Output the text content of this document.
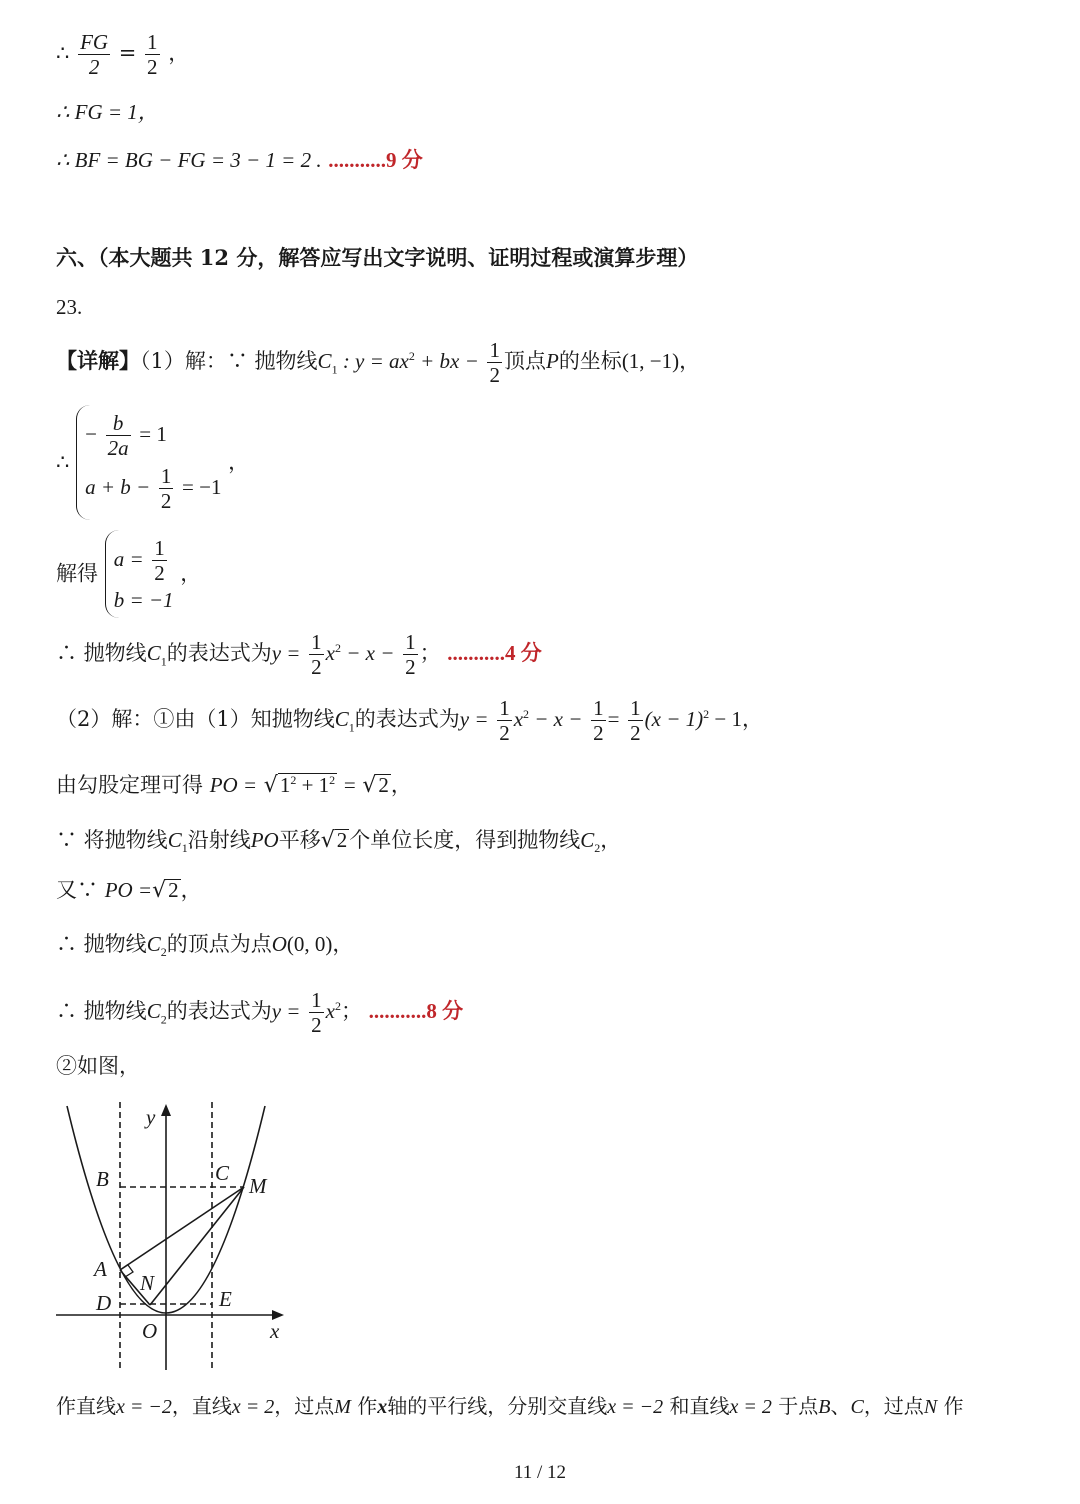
∴ $\frac{FG}{2} = \frac{1}{2}$ ，
∴ FG = 1，
∴ BF = BG − FG = 3 − 1 = 2 . ...........9 分
六、（本大题共 12 分，解答应写出文字说明、证明过程或演算步理）
23.
【详解】（1）解：∵ 抛物线$C_1$ : $y = ax^2$ + bx − $\frac{1}{2}$ 顶点P的坐标(1, −1)，
∴
− $\frac{b}{2a} = 1$
$a + b - \frac{1}{2} = -1$
，
解得
$a = \frac{1}{2}$
b = −1
，
∴ 抛物线$C_1$的表达式为$y = \frac{1}{2} x^2 - x - \frac{1}{2}$ ； ...........4 分
（2）解：①由（1）知抛物线$C_1$的表达式为$y = \frac{1}{2} x^2 - x - \frac{1}{2} = \frac{1}{2} (x - 1)^2 - 1$，
由勾股定理可得 PO = $√1^2 + 1^2 = √2$，
∵ 将抛物线$C_1$沿射线PO平移√2个单位长度，得到抛物线$C_2$，
又∵ PO =√2，
∴ 抛物线$C_2$的顶点为点O(0, 0)，
∴ 抛物线$C_2$的表达式为$y = \frac{1}{2} x^2$； ...........8 分
②如图，
y
x
B	C
M
A
N
D	E
O
作直线x = −2，直线x = 2，过点M 作x轴的平行线，分别交直线x = −2 和直线x = 2 于点B、C，过点N 作
11 / 12
